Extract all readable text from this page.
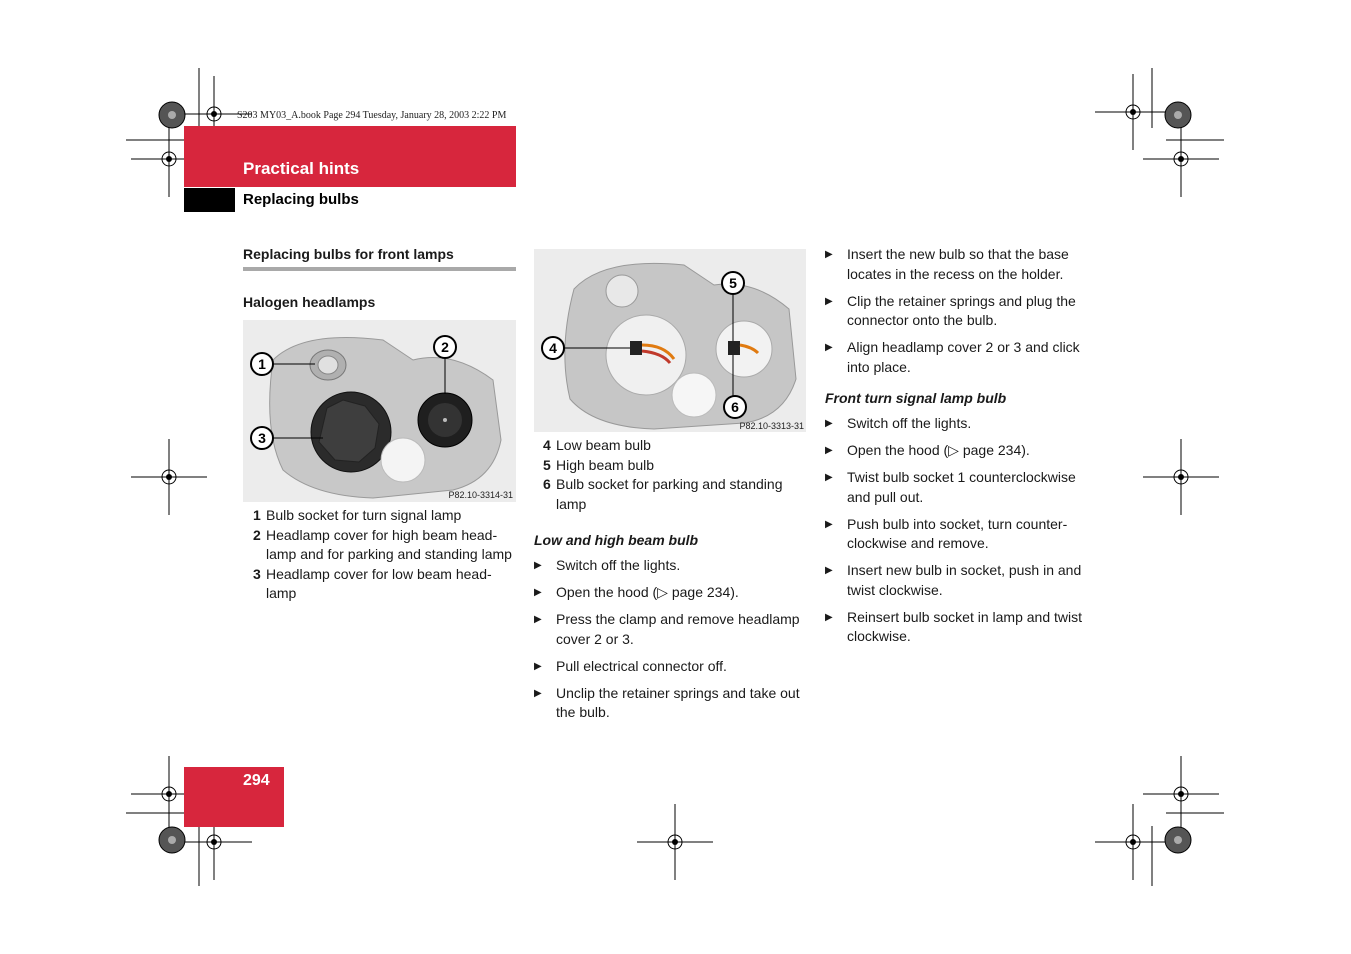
S203 MY03_A.book Page 294 Tuesday, January 28, 2003 2:22 PM
Practical hints
Replacing bulbs
Replacing bulbs for front lamps
Halogen headlamps
1
2
3
P82.10-3314-31
1 Bulb socket for turn signal lamp
2 Headlamp cover for high beam head-lamp and for parking and standing lamp
3 Headlamp cover for low beam head-lamp
4
5
6
P82.10-3313-31
4 Low beam bulb
5 High beam bulb
6 Bulb socket for parking and standing lamp
Low and high beam bulb
▶	Switch off the lights.
▶	Open the hood (▷ page 234).
▶	Press the clamp and remove headlamp cover 2 or 3.
▶	Pull electrical connector off.
▶	Unclip the retainer springs and take out the bulb.
▶	Insert the new bulb so that the base locates in the recess on the holder.
▶	Clip the retainer springs and plug the connector onto the bulb.
▶	Align headlamp cover 2 or 3 and click into place.
Front turn signal lamp bulb
▶	Switch off the lights.
▶	Open the hood (▷ page 234).
▶	Twist bulb socket 1 counterclockwise and pull out.
▶	Push bulb into socket, turn counter-clockwise and remove.
▶	Insert new bulb in socket, push in and twist clockwise.
▶	Reinsert bulb socket in lamp and twist clockwise.
294
